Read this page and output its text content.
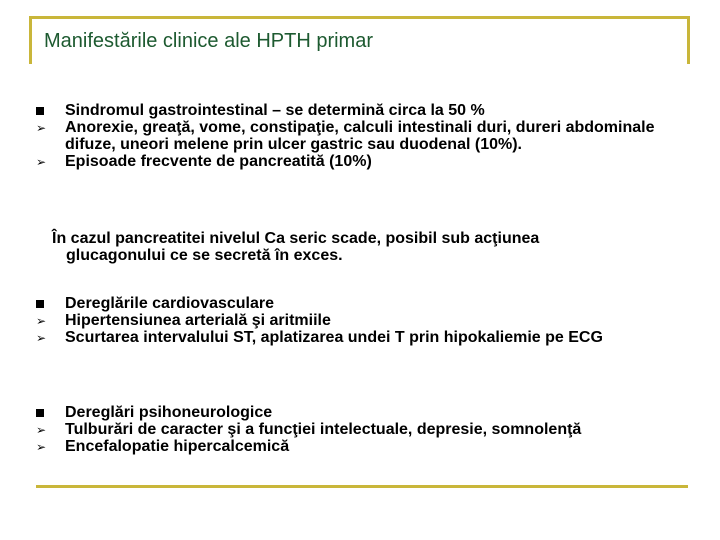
Manifestările clinice ale HPTH primar
Sindromul gastrointestinal – se determină circa la 50 %
➢	Anorexie, greaţă, vome, constipaţie, calculi intestinali duri, dureri abdominale difuze, uneori melene prin ulcer gastric sau duodenal (10%).
➢	Episoade frecvente de pancreatită (10%)
În cazul pancreatitei nivelul Ca seric scade, posibil sub acţiunea
glucagonului ce se secretă în exces.
Dereglările cardiovasculare
➢	Hipertensiunea arterială şi aritmiile
➢	Scurtarea intervalului ST, aplatizarea undei T prin hipokaliemie pe ECG
Dereglări psihoneurologice
➢	Tulburări de caracter şi a funcţiei intelectuale, depresie, somnolenţă
➢	Encefalopatie hipercalcemică
